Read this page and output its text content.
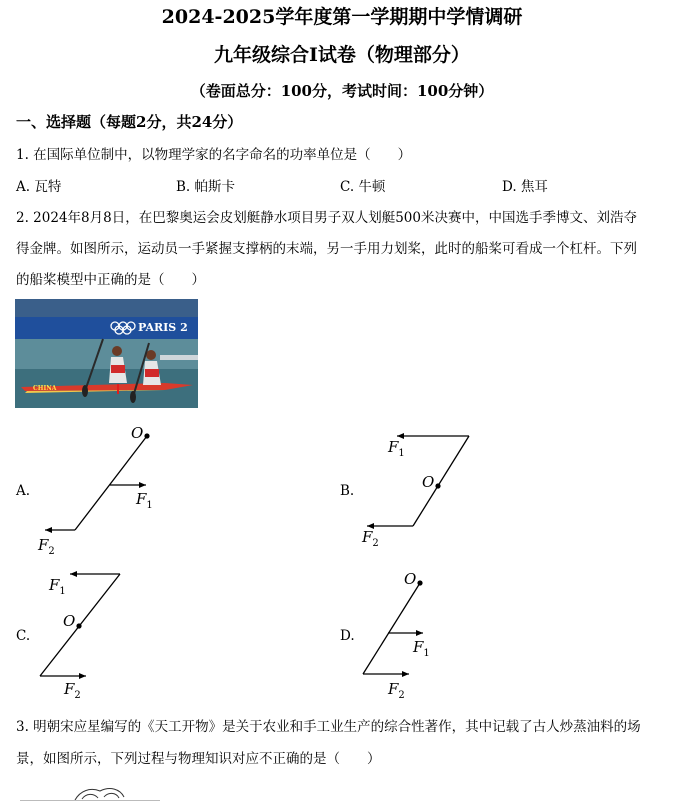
2024-2025学年度第一学期期中学情调研
九年级综合Ⅰ试卷（物理部分）
（卷面总分：100分，考试时间：100分钟）
一、选择题（每题2分，共24分）
1. 在国际单位制中，以物理学家的名字命名的功率单位是（　　）
A. 瓦特	B. 帕斯卡	C. 牛顿	D. 焦耳
2. 2024年8月8日，在巴黎奥运会皮划艇静水项目男子双人划艇500米决赛中，中国选手季博文、刘浩夺
得金牌。如图所示，运动员一手紧握支撑柄的末端，另一手用力划桨，此时的船桨可看成一个杠杆。下列
的船桨模型中正确的是（　　）
PARIS 2
CHINA
A.
O
$F_1$
$F_2$
B.	O
$F_1$
$F_2$
C.
O
$F_1$
$F_2$
D.
O
$F_1$
$F_2$
3. 明朝宋应星编写的《天工开物》是关于农业和手工业生产的综合性著作，其中记载了古人炒蒸油料的场
景，如图所示，下列过程与物理知识对应不正确的是（　　）
